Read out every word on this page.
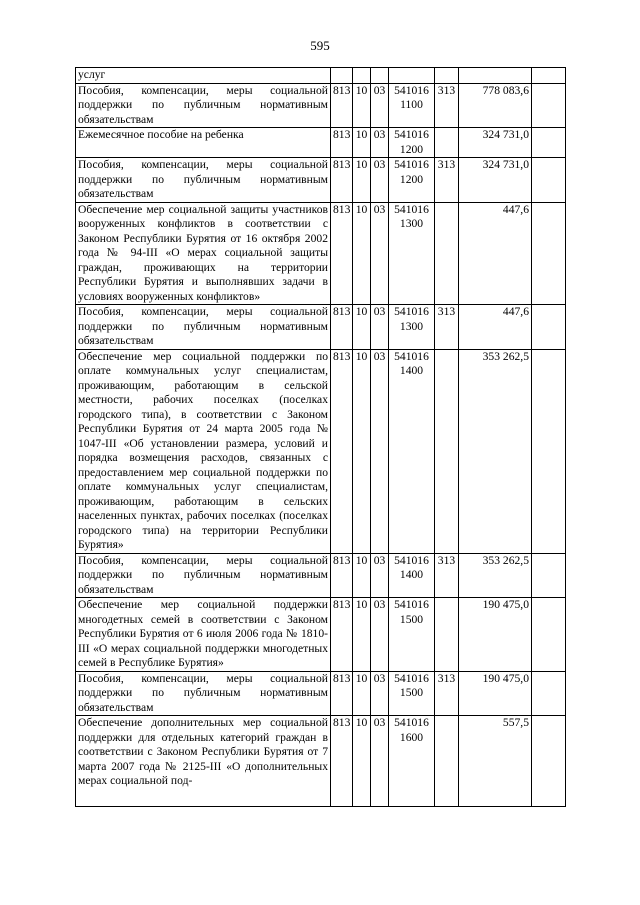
595
услуг							
Пособия, компенсации, меры социальной поддержки по публичным нормативным обязательствам	813	10	03	541016 1100	313	778 083,6	
Ежемесячное пособие на ребенка	813	10	03	541016 1200		324 731,0	
Пособия, компенсации, меры социальной поддержки по публичным нормативным обязательствам	813	10	03	541016 1200	313	324 731,0	
Обеспечение мер социальной защиты участников вооруженных конфликтов в соответствии с Законом Республики Бурятия от 16 октября 2002 года № 94-III «О мерах социальной защиты граждан, проживающих на территории Республики Бурятия и выполнявших задачи в условиях вооруженных конфликтов»	813	10	03	541016 1300		447,6	
Пособия, компенсации, меры социальной поддержки по публичным нормативным обязательствам	813	10	03	541016 1300	313	447,6	
Обеспечение мер социальной поддержки по оплате коммунальных услуг специалистам, проживающим, работающим в сельской местности, рабочих поселках (поселках городского типа), в соответствии с Законом Республики Бурятия от 24 марта 2005 года № 1047-III «Об установлении размера, условий и порядка возмещения расходов, связанных с предоставлением мер социальной поддержки по оплате коммунальных услуг специалистам, проживающим, работающим в сельских населенных пунктах, рабочих поселках (поселках городского типа) на территории Республики Бурятия»	813	10	03	541016 1400		353 262,5	
Пособия, компенсации, меры социальной поддержки по публичным нормативным обязательствам	813	10	03	541016 1400	313	353 262,5	
Обеспечение мер социальной поддержки многодетных семей в соответствии с Законом Республики Бурятия от 6 июля 2006 года № 1810-III «О мерах социальной поддержки многодетных семей в Республике Бурятия»	813	10	03	541016 1500		190 475,0	
Пособия, компенсации, меры социальной поддержки по публичным нормативным обязательствам	813	10	03	541016 1500	313	190 475,0	
Обеспечение дополнительных мер социальной поддержки для отдельных категорий граждан в соответствии с Законом Республики Бурятия от 7 марта 2007 года № 2125-III «О дополнительных мерах социальной под-	813	10	03	541016 1600		557,5	
